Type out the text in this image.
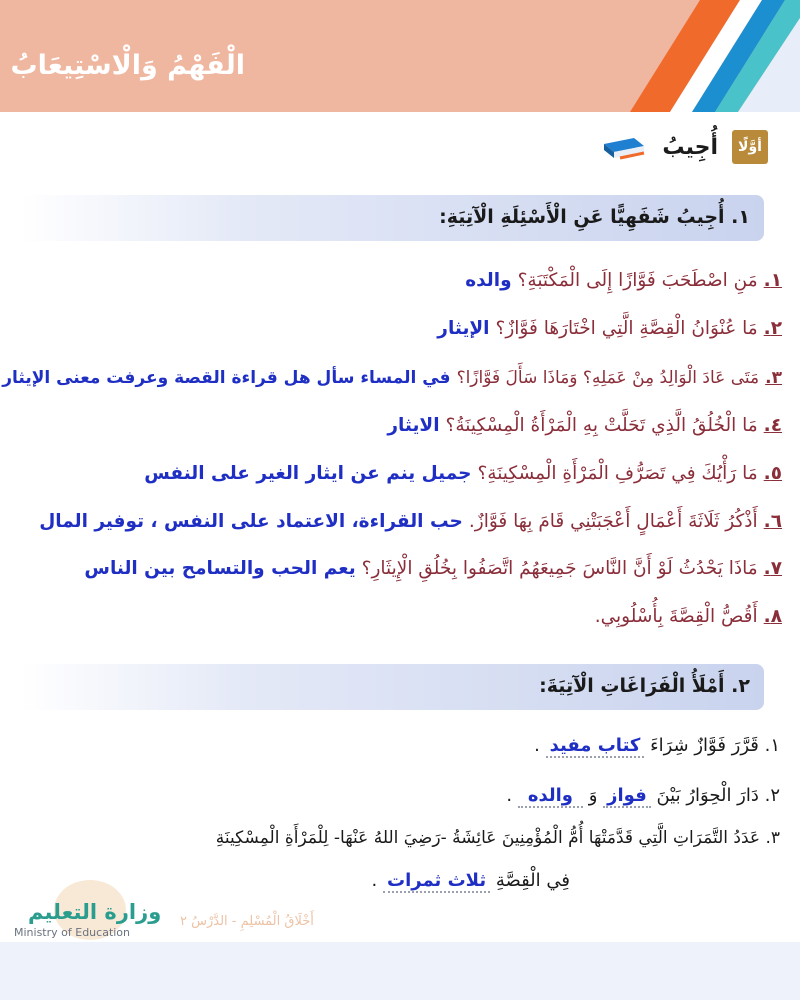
الْفَهْمُ وَالْاسْتِيعَابُ
أوَّلًا
أُجِيبُ
١. أُجِيبُ شَفَهِيًّا عَنِ الْأَسْئِلَةِ الْآتِيَةِ:
١.مَنِ اصْطَحَبَ فَوَّازًا إِلَى الْمَكْتَبَةِ؟والده
٢.مَا عُنْوَانُ الْقِصَّةِ الَّتِي اخْتَارَهَا فَوَّازٌ؟الإيثار
٣.مَتَى عَادَ الْوَالِدُ مِنْ عَمَلِهِ؟ وَمَاذَا سَأَلَ فَوَّازًا؟في المساء سأل هل قراءة القصة وعرفت معنى الإيثار
٤.مَا الْخُلُقُ الَّذِي تَحَلَّتْ بِهِ الْمَرْأَةُ الْمِسْكِينَةُ؟الايثار
٥.مَا رَأْيُكَ فِي تَصَرُّفِ الْمَرْأَةِ الْمِسْكِينَةِ؟جميل ينم عن ايثار الغير على النفس
٦.أَذْكُرُ ثَلَاثَةَ أَعْمَالٍ أَعْجَبَتْنِي قَامَ بِهَا فَوَّازٌ.حب القراءة، الاعتماد على النفس ، توفير المال
٧.مَاذَا يَحْدُثُ لَوْ أَنَّ النَّاسَ جَمِيعَهُمُ اتَّصَفُوا بِخُلُقِ الْإِيثَارِ؟يعم الحب والتسامح بين الناس
٨.أَقُصُّ الْقِصَّةَ بِأُسْلُوبِي.
٢. أَمْلَأُ الْفَرَاغَاتِ الْآتِيَةَ:
١. قَرَّرَ فَوَّازٌ شِرَاءَ كتاب مفيد .
٢. دَارَ الْحِوَارُ بَيْنَ فواز وَ والده .
٣. عَدَدُ التَّمَرَاتِ الَّتِي قَدَّمَتْهَا أُمُّ الْمُؤْمِنِينَ عَائِشَةُ -رَضِيَ اللهُ عَنْهَا- لِلْمَرْأَةِ الْمِسْكِينَةِ
فِي الْقِصَّةِ ثلاث ثمرات .
وزارة التعليم
Ministry of Education
أَخْلَاقُ الْمُسْلِمِ - الدَّرْسُ ٢
